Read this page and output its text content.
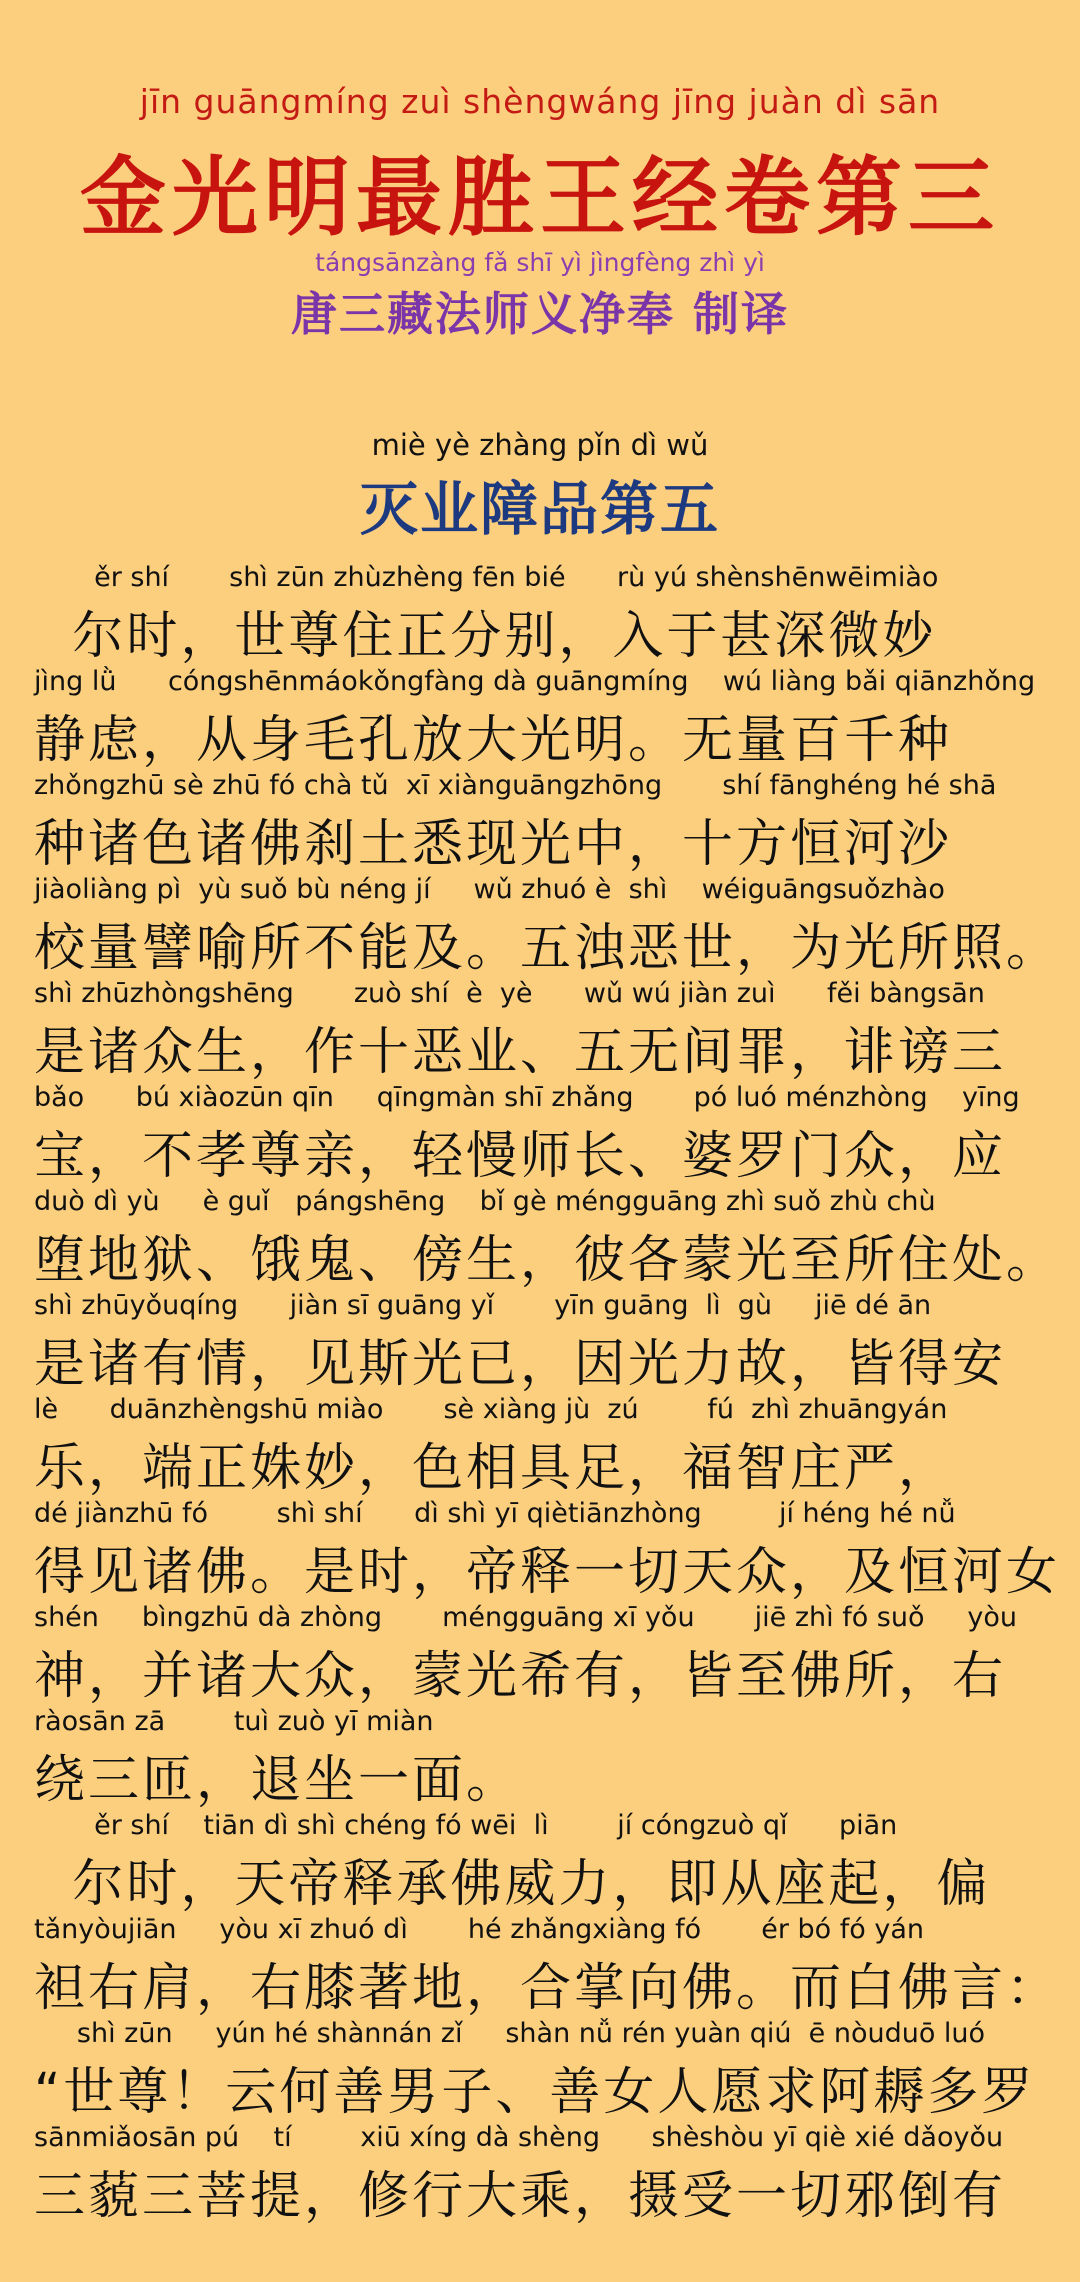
jīn guāngmíng zuì shèngwáng jīng juàn dì sān
金光明最胜王经卷第三
tángsānzàng fǎ shī yì jìngfèng zhì yì
唐三藏法师义净奉 制译
miè yè zhàng pǐn dì wǔ
灭业障品第五
ěr shí       shì zūn zhùzhèng fēn bié      rù yú shènshēnwēimiào
尔时，世尊住正分别，入于甚深微妙
jìng lǜ      cóngshēnmáokǒngfàng dà guāngmíng    wú liàng bǎi qiānzhǒng
静虑，从身毛孔放大光明。无量百千种
zhǒngzhū sè zhū fó chà tǔ  xī xiànguāngzhōng       shí fānghéng hé shā
种诸色诸佛刹土悉现光中，十方恒河沙
jiàoliàng pì  yù suǒ bù néng jí     wǔ zhuó è  shì    wéiguāngsuǒzhào
校量譬喻所不能及。五浊恶世，为光所照。
shì zhūzhòngshēng       zuò shí  è  yè      wǔ wú jiàn zuì      fěi bàngsān
是诸众生，作十恶业、五无间罪，诽谤三
bǎo      bú xiàozūn qīn     qīngmàn shī zhǎng       pó luó ménzhòng    yīng
宝，不孝尊亲，轻慢师长、婆罗门众，应
duò dì yù     è guǐ   pángshēng    bǐ gè méngguāng zhì suǒ zhù chù
堕地狱、饿鬼、傍生，彼各蒙光至所住处。
shì zhūyǒuqíng      jiàn sī guāng yǐ       yīn guāng  lì  gù     jiē dé ān
是诸有情，见斯光已，因光力故，皆得安
lè      duānzhèngshū miào       sè xiàng jù  zú        fú  zhì zhuāngyán
乐，端正姝妙，色相具足，福智庄严，
dé jiànzhū fó        shì shí      dì shì yī qiètiānzhòng         jí héng hé nǚ
得见诸佛。是时，帝释一切天众，及恒河女
shén     bìngzhū dà zhòng       méngguāng xī yǒu       jiē zhì fó suǒ     yòu
神，并诸大众，蒙光希有，皆至佛所，右
ràosān zā        tuì zuò yī miàn
绕三匝，退坐一面。
ěr shí    tiān dì shì chéng fó wēi  lì        jí cóngzuò qǐ      piān
尔时，天帝释承佛威力，即从座起，偏
tǎnyòujiān     yòu xī zhuó dì       hé zhǎngxiàng fó       ér bó fó yán
袒右肩，右膝著地，合掌向佛。而白佛言：
shì zūn     yún hé shànnán zǐ     shàn nǚ rén yuàn qiú  ē nòuduō luó
“世尊！云何善男子、善女人愿求阿耨多罗
sānmiǎosān pú    tí        xiū xíng dà shèng      shèshòu yī qiè xié dǎoyǒu
三藐三菩提，修行大乘，摄受一切邪倒有
